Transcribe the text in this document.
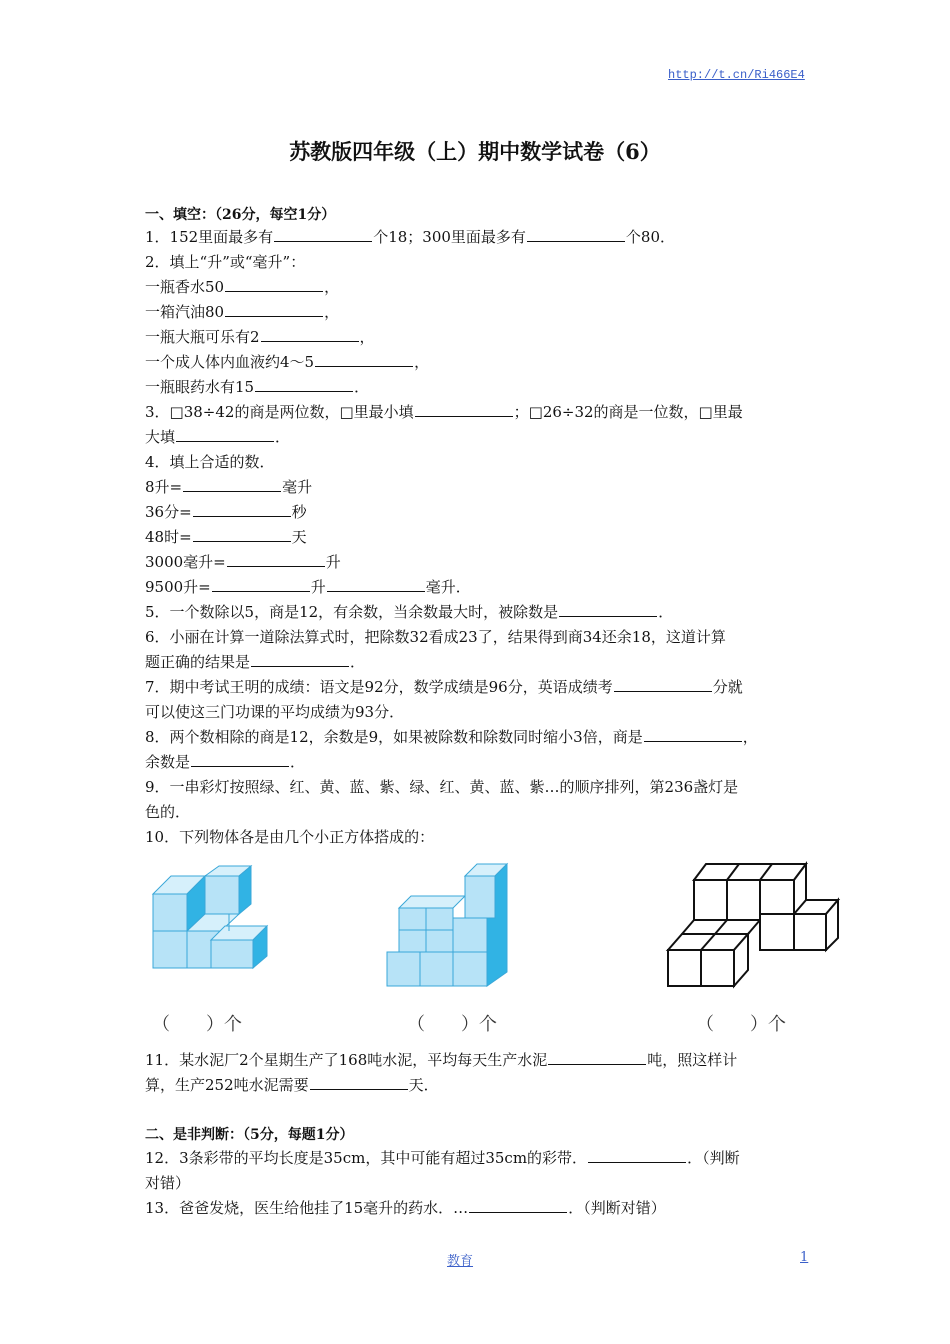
http://t.cn/Ri466E4
苏教版四年级（上）期中数学试卷（6）
一、填空：（26分，每空1分）
1．152里面最多有	个18；300里面最多有	个80．
2．填上“升”或“毫升”：
一瓶香水50	，
一箱汽油80	，
一瓶大瓶可乐有2	，
一个成人体内血液约4～5	，
一瓶眼药水有15	．
3．□38÷42的商是两位数，□里最小填	；□26÷32的商是一位数，□里最
大填	．
4．填上合适的数．
8升=	毫升
36分=	秒
48时=	天
3000毫升=	升
9500升=	升	毫升．
5．一个数除以5，商是12，有余数，当余数最大时，被除数是	．
6．小丽在计算一道除法算式时，把除数32看成23了，结果得到商34还余18，这道计算
题正确的结果是	．
7．期中考试王明的成绩：语文是92分，数学成绩是96分，英语成绩考	分就
可以使这三门功课的平均成绩为93分．
8．两个数相除的商是12，余数是9，如果被除数和除数同时缩小3倍，商是	，
余数是	．
9．一串彩灯按照绿、红、黄、蓝、紫、绿、红、黄、蓝、紫…的顺序排列，第236盏灯是
色的．
10．下列物体各是由几个小正方体搭成的：
（　　）个	（　　）个	（　　）个
11．某水泥厂2个星期生产了168吨水泥，平均每天生产水泥	吨，照这样计
算，生产252吨水泥需要	天．
二、是非判断：（5分，每题1分）
12．3条彩带的平均长度是35cm，其中可能有超过35cm的彩带．	．（判断
对错）
13．爸爸发烧，医生给他挂了15毫升的药水．…	．（判断对错）
教育	1
